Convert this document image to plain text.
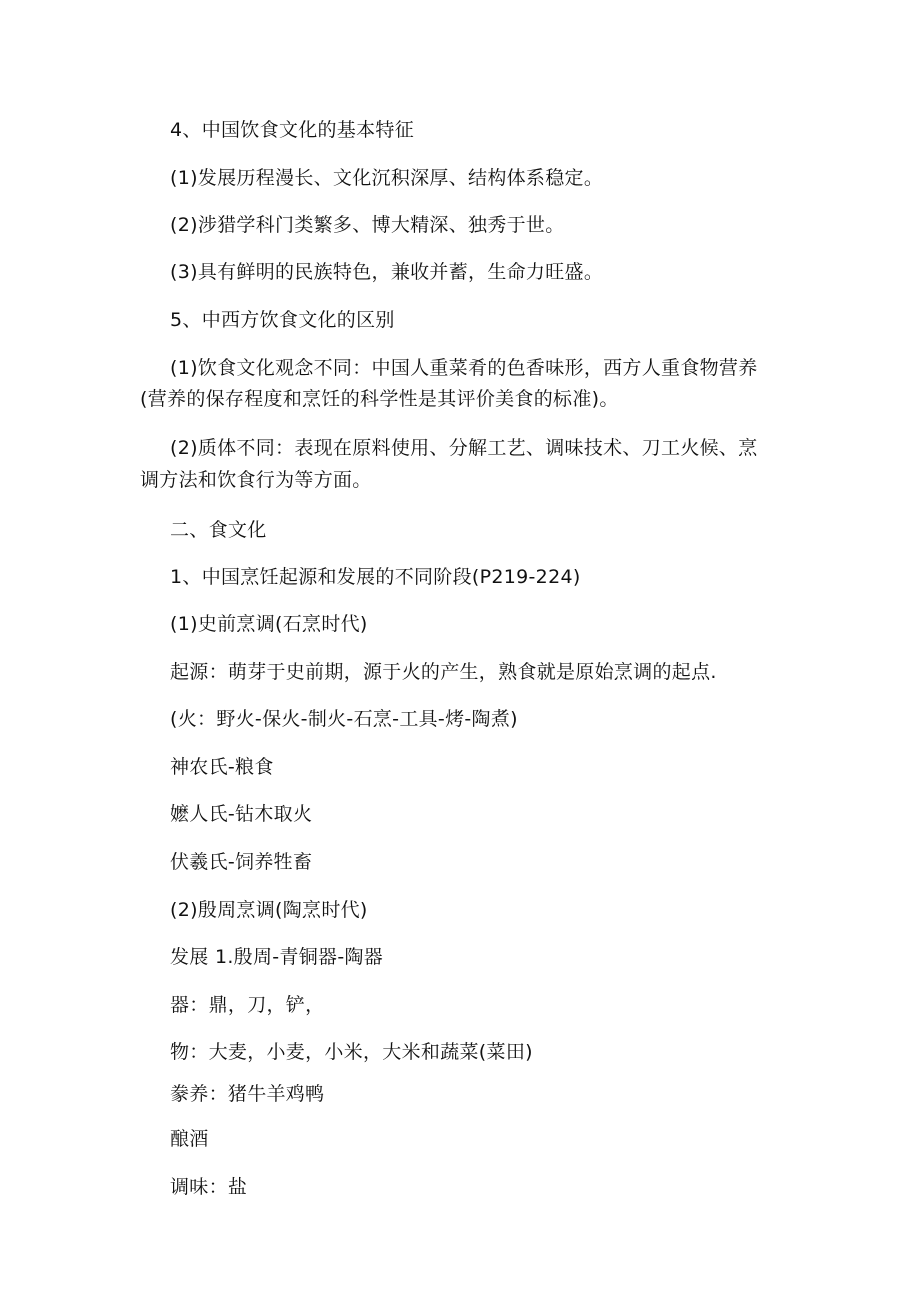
4、中国饮食文化的基本特征
(1)发展历程漫长、文化沉积深厚、结构体系稳定。
(2)涉猎学科门类繁多、博大精深、独秀于世。
(3)具有鲜明的民族特色，兼收并蓄，生命力旺盛。
5、中西方饮食文化的区别
(1)饮食文化观念不同：中国人重菜肴的色香味形，西方人重食物营养
(营养的保存程度和烹饪的科学性是其评价美食的标准)。
(2)质体不同：表现在原料使用、分解工艺、调味技术、刀工火候、烹
调方法和饮食行为等方面。
二、食文化
1、中国烹饪起源和发展的不同阶段(P219-224)
(1)史前烹调(石烹时代)
起源：萌芽于史前期，源于火的产生，熟食就是原始烹调的起点.
(火：野火-保火-制火-石烹-工具-烤-陶煮)
神农氏-粮食
嬷人氏-钻木取火
伏羲氏-饲养牲畜
(2)殷周烹调(陶烹时代)
发展 1.殷周-青铜器-陶器
器：鼎，刀，铲，
物：大麦，小麦，小米，大米和蔬菜(菜田)
豢养：猪牛羊鸡鸭
酿酒
调味：盐
